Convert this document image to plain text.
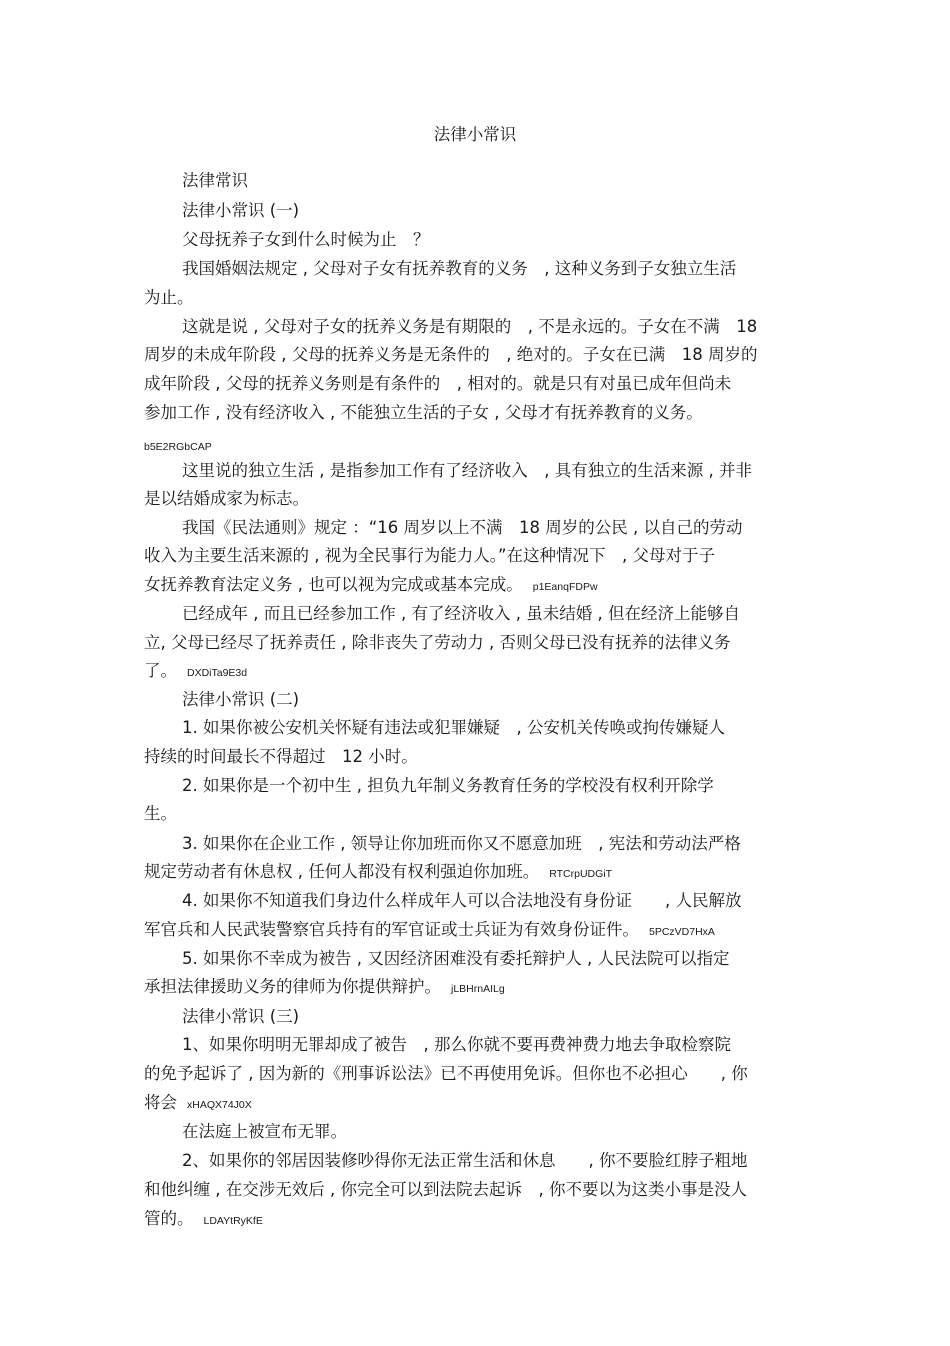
法律小常识
法律常识
法律小常识 (一)
父母抚养子女到什么时候为止　？
我国婚姻法规定 , 父母对子女有抚养教育的义务　, 这种义务到子女独立生活
为止。
这就是说 , 父母对子女的抚养义务是有期限的　, 不是永远的。子女在不满　18
周岁的未成年阶段 , 父母的抚养义务是无条件的　, 绝对的。子女在已满　18 周岁的
成年阶段 , 父母的抚养义务则是有条件的　, 相对的。就是只有对虽已成年但尚未
参加工作 , 没有经济收入 , 不能独立生活的子女 , 父母才有抚养教育的义务。
b5E2RGbCAP
这里说的独立生活 , 是指参加工作有了经济收入　, 具有独立的生活来源 , 并非
是以结婚成家为标志。
我国《民法通则》规定 ：“16 周岁以上不满　18 周岁的公民 , 以自己的劳动
收入为主要生活来源的 , 视为全民事行为能力人。”在这种情况下　, 父母对于子
女抚养教育法定义务 , 也可以视为完成或基本完成。 p1EanqFDPw
已经成年 , 而且已经参加工作 , 有了经济收入 , 虽未结婚 , 但在经济上能够自
立, 父母已经尽了抚养责任 , 除非丧失了劳动力 , 否则父母已没有抚养的法律义务
了。 DXDiTa9E3d
法律小常识 (二)
1. 如果你被公安机关怀疑有违法或犯罪嫌疑　, 公安机关传唤或拘传嫌疑人
持续的时间最长不得超过　12 小时。
2. 如果你是一个初中生 , 担负九年制义务教育任务的学校没有权利开除学
生。
3. 如果你在企业工作 , 领导让你加班而你又不愿意加班　, 宪法和劳动法严格
规定劳动者有休息权 , 任何人都没有权利强迫你加班。 RTCrpUDGiT
4. 如果你不知道我们身边什么样成年人可以合法地没有身份证　　, 人民解放
军官兵和人民武装警察官兵持有的军官证或士兵证为有效身份证件。 5PCzVD7HxA
5. 如果你不幸成为被告 , 又因经济困难没有委托辩护人 , 人民法院可以指定
承担法律援助义务的律师为你提供辩护。 jLBHrnAILg
法律小常识 (三)
1、如果你明明无罪却成了被告　, 那么你就不要再费神费力地去争取检察院
的免予起诉了 , 因为新的《刑事诉讼法》已不再使用免诉。但你也不必担心　　, 你
将会 xHAQX74J0X
在法庭上被宣布无罪。
2、如果你的邻居因装修吵得你无法正常生活和休息　　, 你不要脸红脖子粗地
和他纠缠 , 在交涉无效后 , 你完全可以到法院去起诉　, 你不要以为这类小事是没人
管的。 LDAYtRyKfE
